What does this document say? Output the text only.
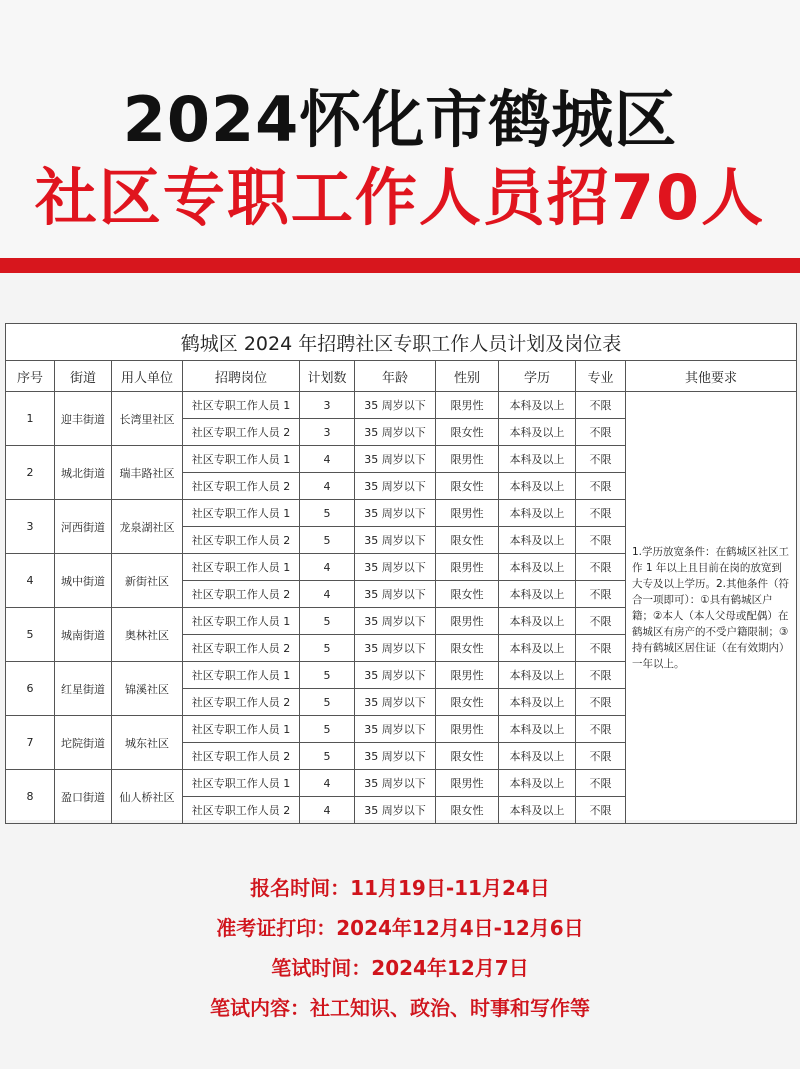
2024怀化市鹤城区
社区专职工作人员招70人
鹤城区 2024 年招聘社区专职工作人员计划及岗位表									
序号	街道	用人单位	招聘岗位	计划数	年龄	性别	学历	专业	其他要求
1	迎丰街道	长湾里社区	社区专职工作人员 1	3	35 周岁以下	限男性	本科及以上	不限	1.学历放宽条件：在鹤城区社区工作 1 年以上且目前在岗的放宽到大专及以上学历。2.其他条件（符合一项即可）：①具有鹤城区户籍；②本人（本人父母或配偶）在鹤城区有房产的不受户籍限制；③持有鹤城区居住证（在有效期内）一年以上。
			社区专职工作人员 2	3	35 周岁以下	限女性	本科及以上	不限	
2	城北街道	瑞丰路社区	社区专职工作人员 1	4	35 周岁以下	限男性	本科及以上	不限	
			社区专职工作人员 2	4	35 周岁以下	限女性	本科及以上	不限	
3	河西街道	龙泉湖社区	社区专职工作人员 1	5	35 周岁以下	限男性	本科及以上	不限	
			社区专职工作人员 2	5	35 周岁以下	限女性	本科及以上	不限	
4	城中街道	新街社区	社区专职工作人员 1	4	35 周岁以下	限男性	本科及以上	不限	
			社区专职工作人员 2	4	35 周岁以下	限女性	本科及以上	不限	
5	城南街道	奥林社区	社区专职工作人员 1	5	35 周岁以下	限男性	本科及以上	不限	
			社区专职工作人员 2	5	35 周岁以下	限女性	本科及以上	不限	
6	红星街道	锦溪社区	社区专职工作人员 1	5	35 周岁以下	限男性	本科及以上	不限	
			社区专职工作人员 2	5	35 周岁以下	限女性	本科及以上	不限	
7	坨院街道	城东社区	社区专职工作人员 1	5	35 周岁以下	限男性	本科及以上	不限	
			社区专职工作人员 2	5	35 周岁以下	限女性	本科及以上	不限	
8	盈口街道	仙人桥社区	社区专职工作人员 1	4	35 周岁以下	限男性	本科及以上	不限	
			社区专职工作人员 2	4	35 周岁以下	限女性	本科及以上	不限	
报名时间：11月19日-11月24日
准考证打印：2024年12月4日-12月6日
笔试时间：2024年12月7日
笔试内容：社工知识、政治、时事和写作等
